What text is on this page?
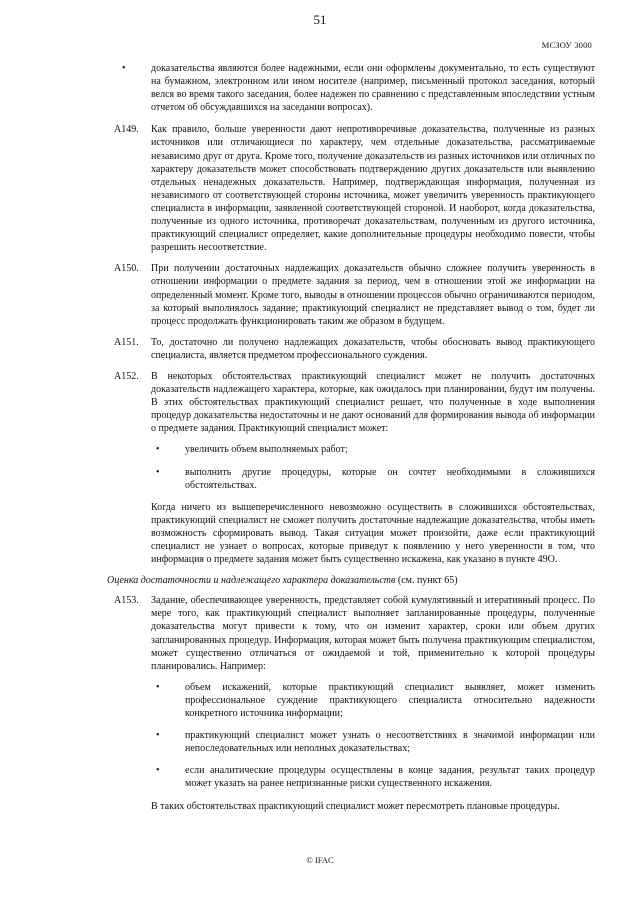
51
МСЗОУ 3000
•	доказательства являются более надежными, если они оформлены документально, то есть существуют на бумажном, электронном или ином носителе (например, письменный протокол заседания, который велся во время такого заседания, более надежен по сравнению с представленным впоследствии устным отчетом об обсуждавшихся на заседании вопросах).
A149. Как правило, больше уверенности дают непротиворечивые доказательства, полученные из разных источников или отличающиеся по характеру, чем отдельные доказательства, рассматриваемые независимо друг от друга. Кроме того, получение доказательств из разных источников или отличных по характеру доказательств может способствовать подтверждению других доказательств или выявлению отдельных ненадежных доказательств. Например, подтверждающая информация, полученная из независимого от соответствующей стороны источника, может увеличить уверенность практикующего специалиста в информации, заявленной соответствующей стороной. И наоборот, когда доказательства, полученные из одного источника, противоречат доказательствам, полученным из другого источника, практикующий специалист определяет, какие дополнительные процедуры необходимо повести, чтобы разрешить несоответствие.
A150. При получении достаточных надлежащих доказательств обычно сложнее получить уверенность в отношении информации о предмете задания за период, чем в отношении этой же информации на определенный момент. Кроме того, выводы в отношении процессов обычно ограничиваются периодом, за который выполнялось задание; практикующий специалист не представляет вывод о том, будет ли процесс продолжать функционировать таким же образом в будущем.
A151. То, достаточно ли получено надлежащих доказательств, чтобы обосновать вывод практикующего специалиста, является предметом профессионального суждения.
A152. В некоторых обстоятельствах практикующий специалист может не получить достаточных доказательств надлежащего характера, которые, как ожидалось при планировании, будут им получены. В этих обстоятельствах практикующий специалист решает, что полученные в ходе выполнения процедур доказательства недостаточны и не дают оснований для формирования вывода об информации о предмете задания. Практикующий специалист может:
•	увеличить объем выполняемых работ;
•	выполнить другие процедуры, которые он сочтет необходимыми в сложившихся обстоятельствах.
Когда ничего из вышеперечисленного невозможно осуществить в сложившихся обстоятельствах, практикующий специалист не сможет получить достаточные надлежащие доказательства, чтобы иметь возможность сформировать вывод. Такая ситуация может произойти, даже если практикующий специалист не узнает о вопросах, которые приведут к появлению у него уверенности в том, что информация о предмете задания может быть существенно искажена, как указано в пункте 49О.
Оценка достаточности и надлежащего характера доказательств (см. пункт 65)
A153. Задание, обеспечивающее уверенность, представляет собой кумулятивный и итеративный процесс. По мере того, как практикующий специалист выполняет запланированные процедуры, полученные доказательства могут привести к тому, что он изменит характер, сроки или объем других запланированных процедур. Информация, которая может быть получена практикующим специалистом, может существенно отличаться от ожидаемой и той, применительно к которой процедуры планировались. Например:
•	объем искажений, которые практикующий специалист выявляет, может изменить профессиональное суждение практикующего специалиста относительно надежности конкретного источника информации;
•	практикующий специалист может узнать о несоответствиях в значимой информации или непоследовательных или неполных доказательствах;
•	если аналитические процедуры осуществлены в конце задания, результат таких процедур может указать на ранее непризнанные риски существенного искажения.
В таких обстоятельствах практикующий специалист может пересмотреть плановые процедуры.
© IFAC
